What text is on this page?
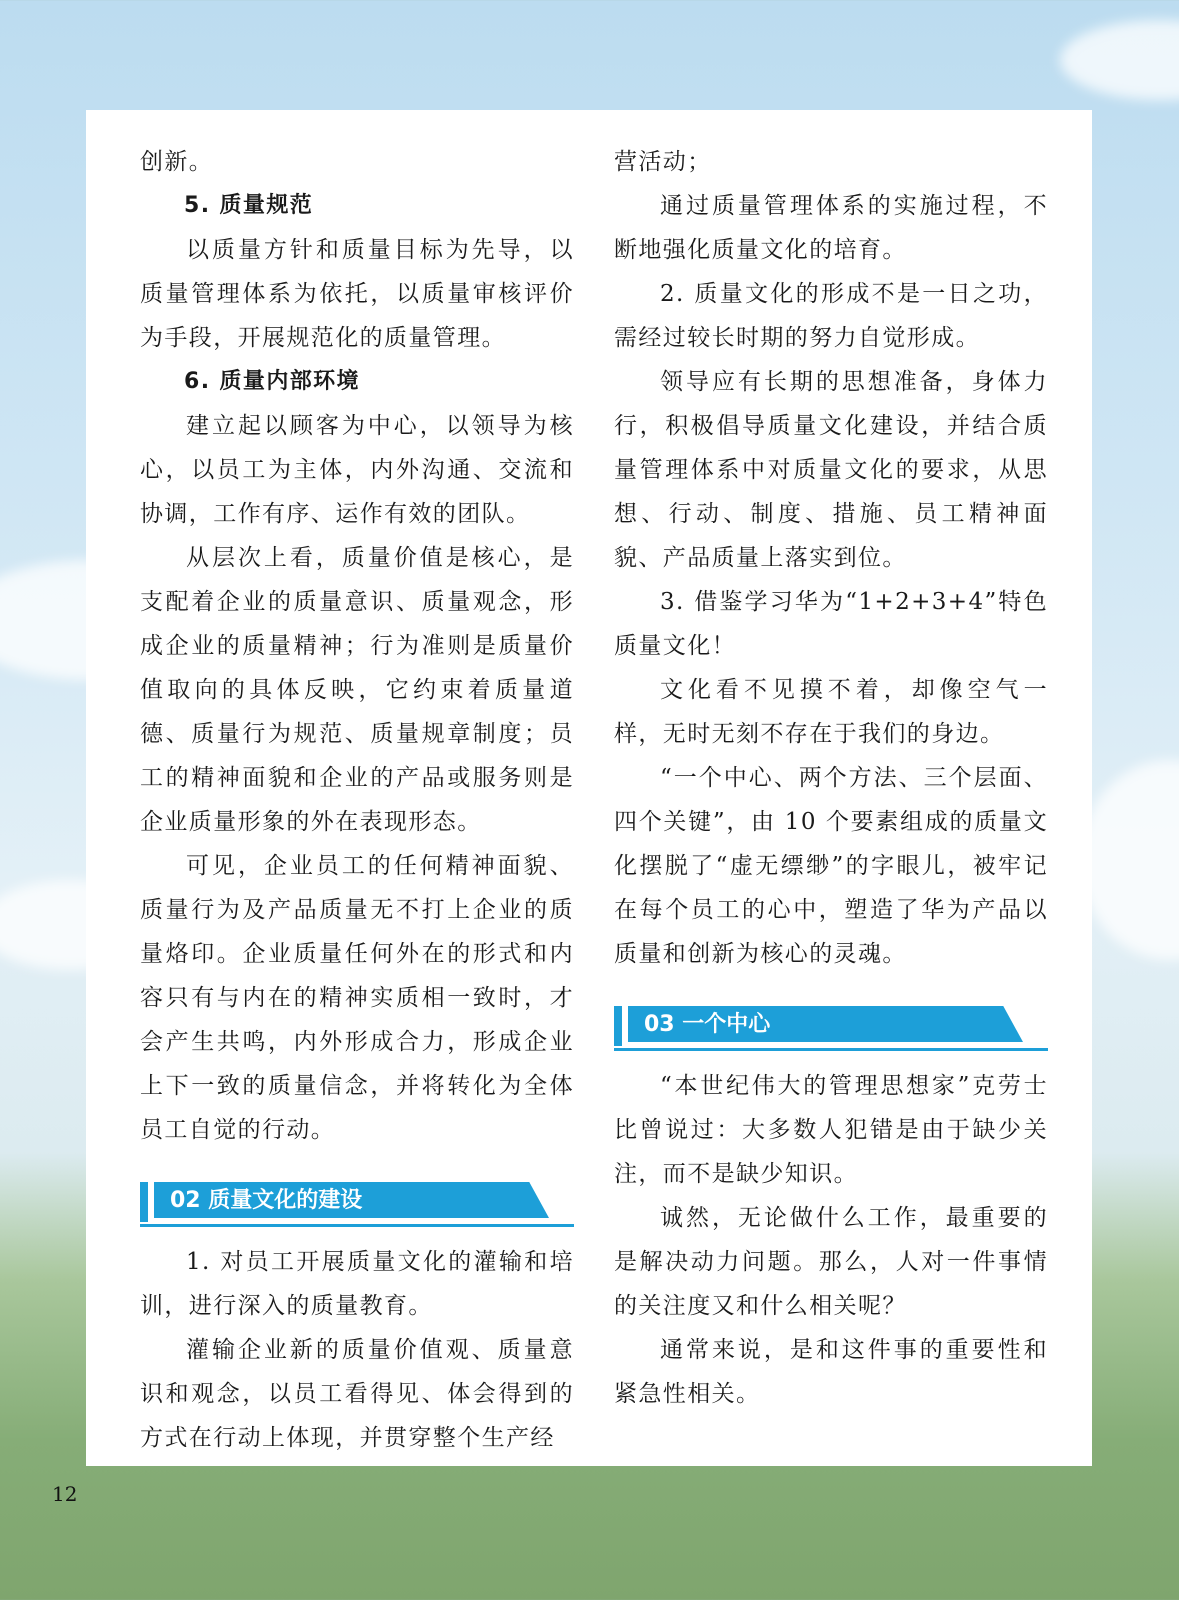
创新。

5. 质量规范

以质量方针和质量目标为先导，以质量管理体系为依托，以质量审核评价为手段，开展规范化的质量管理。

6. 质量内部环境

建立起以顾客为中心，以领导为核心，以员工为主体，内外沟通、交流和协调，工作有序、运作有效的团队。

从层次上看，质量价值是核心，是支配着企业的质量意识、质量观念，形成企业的质量精神；行为准则是质量价值取向的具体反映，它约束着质量道德、质量行为规范、质量规章制度；员工的精神面貌和企业的产品或服务则是企业质量形象的外在表现形态。

可见，企业员工的任何精神面貌、质量行为及产品质量无不打上企业的质量烙印。企业质量任何外在的形式和内容只有与内在的精神实质相一致时，才会产生共鸣，内外形成合力，形成企业上下一致的质量信念，并将转化为全体员工自觉的行动。

02 质量文化的建设

1. 对员工开展质量文化的灌输和培训，进行深入的质量教育。

灌输企业新的质量价值观、质量意识和观念，以员工看得见、体会得到的方式在行动上体现，并贯穿整个生产经

营活动；

通过质量管理体系的实施过程，不断地强化质量文化的培育。

2. 质量文化的形成不是一日之功，需经过较长时期的努力自觉形成。

领导应有长期的思想准备，身体力行，积极倡导质量文化建设，并结合质量管理体系中对质量文化的要求，从思想、行动、制度、措施、员工精神面貌、产品质量上落实到位。

3. 借鉴学习华为“1+2+3+4”特色质量文化！

文化看不见摸不着，却像空气一样，无时无刻不存在于我们的身边。

“一个中心、两个方法、三个层面、四个关键”，由 10 个要素组成的质量文化摆脱了“虚无缥缈”的字眼儿，被牢记在每个员工的心中，塑造了华为产品以质量和创新为核心的灵魂。

03 一个中心

“本世纪伟大的管理思想家”克劳士比曾说过：大多数人犯错是由于缺少关注，而不是缺少知识。

诚然，无论做什么工作，最重要的是解决动力问题。那么，人对一件事情的关注度又和什么相关呢？

通常来说，是和这件事的重要性和紧急性相关。

12
